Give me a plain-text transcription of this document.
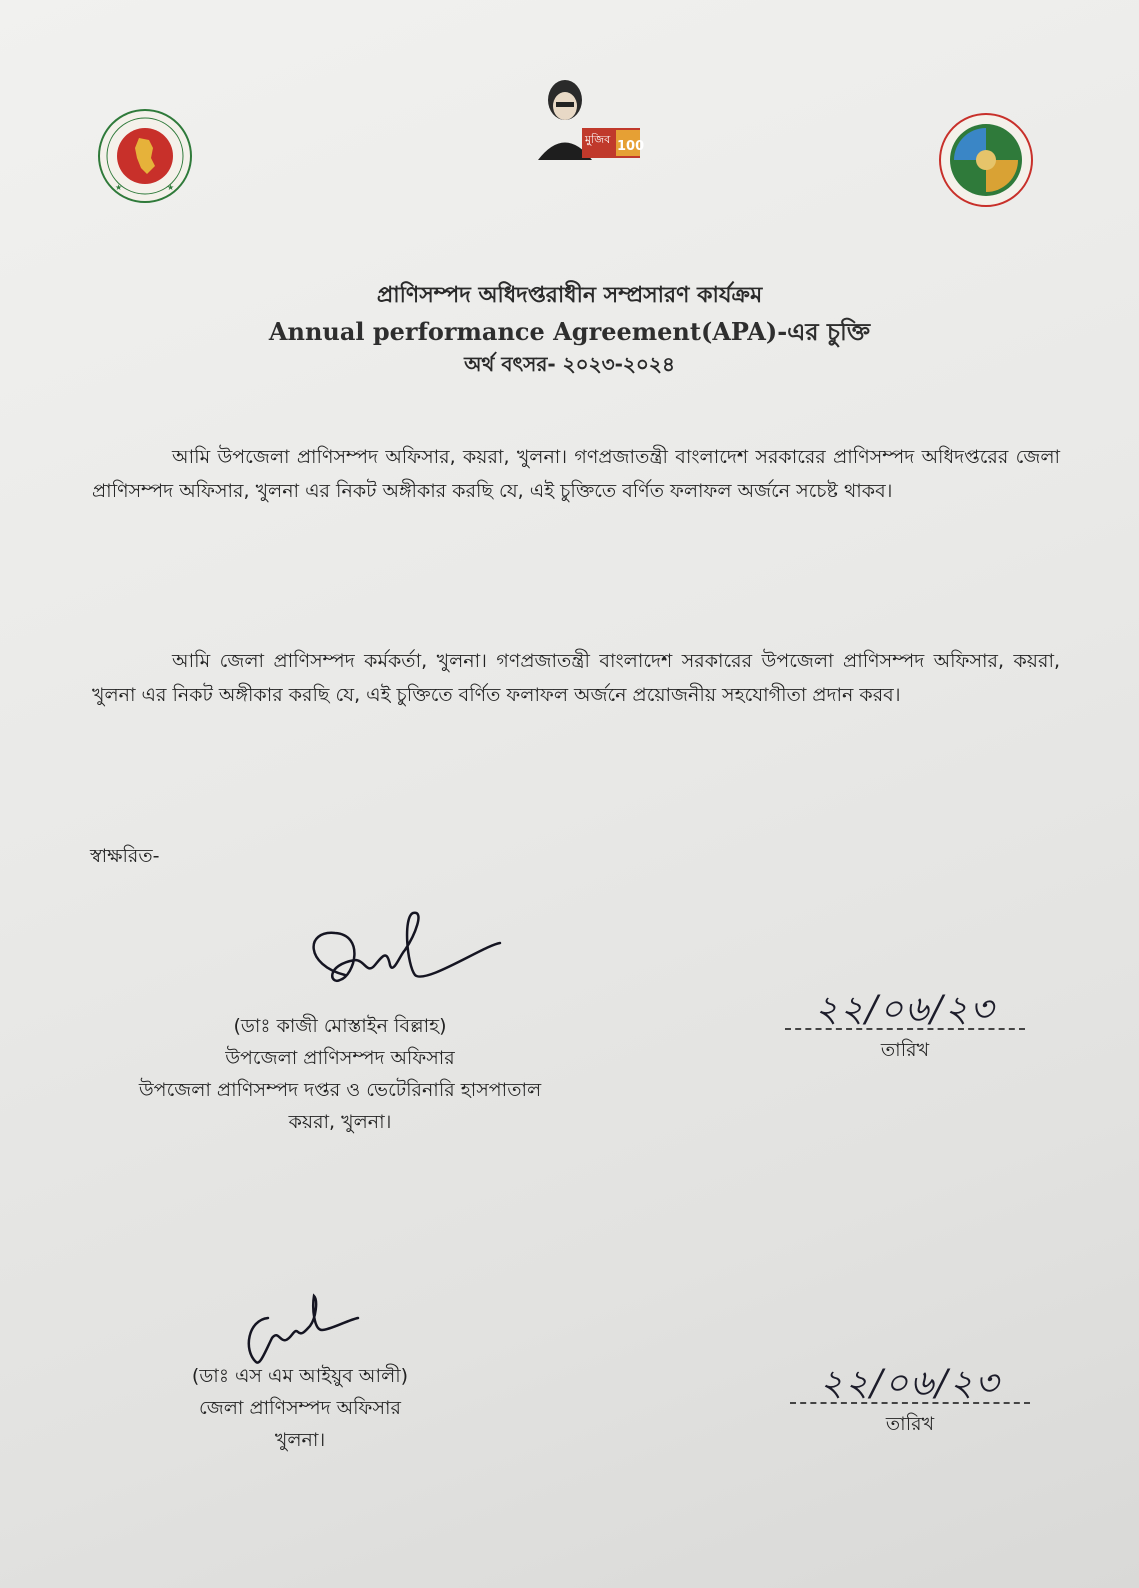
★	★
মুজিব 100
প্রাণিসম্পদ অধিদপ্তরাধীন সম্প্রসারণ কার্যক্রম
Annual performance Agreement(APA)-এর চুক্তি
অর্থ বৎসর- ২০২৩-২০২৪
আমি উপজেলা প্রাণিসম্পদ অফিসার, কয়রা, খুলনা। গণপ্রজাতন্ত্রী বাংলাদেশ সরকারের প্রাণিসম্পদ অধিদপ্তরের জেলা প্রাণিসম্পদ অফিসার, খুলনা এর নিকট অঙ্গীকার করছি যে, এই চুক্তিতে বর্ণিত ফলাফল অর্জনে সচেষ্ট থাকব।
আমি জেলা প্রাণিসম্পদ কর্মকর্তা, খুলনা। গণপ্রজাতন্ত্রী বাংলাদেশ সরকারের উপজেলা প্রাণিসম্পদ অফিসার, কয়রা, খুলনা এর নিকট অঙ্গীকার করছি যে, এই চুক্তিতে বর্ণিত ফলাফল অর্জনে প্রয়োজনীয় সহযোগীতা প্রদান করব।
স্বাক্ষরিত-
(ডাঃ কাজী মোস্তাইন বিল্লাহ)
উপজেলা প্রাণিসম্পদ অফিসার
উপজেলা প্রাণিসম্পদ দপ্তর ও ভেটেরিনারি হাসপাতাল
কয়রা, খুলনা।
২২/০৬/২৩
তারিখ
(ডাঃ এস এম আইয়ুব আলী)
জেলা প্রাণিসম্পদ অফিসার
খুলনা।
২২/০৬/২৩
তারিখ
